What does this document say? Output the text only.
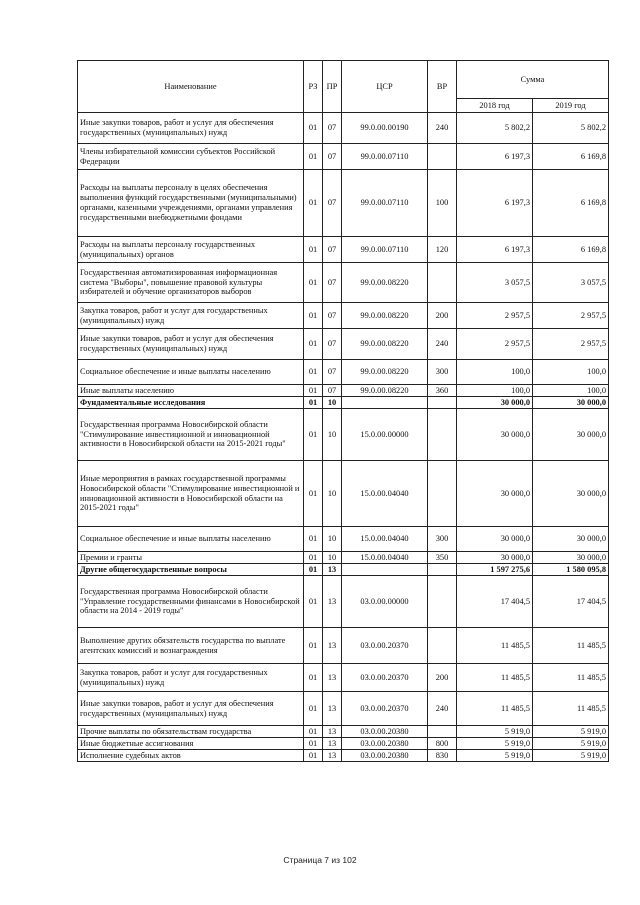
Наименование	РЗ	ПР	ЦСР	ВР	Сумма	
					2018 год	2019 год
Иные закупки товаров, работ и услуг для обеспечения государственных (муниципальных) нужд	01	07	99.0.00.00190	240	5 802,2	5 802,2
Члены избирательной комиссии субъектов Российской Федерации	01	07	99.0.00.07110		6 197,3	6 169,8
Расходы на выплаты персоналу в целях обеспечения выполнения функций государственными (муниципальными) органами, казенными учреждениями, органами управления государственными внебюджетными фондами	01	07	99.0.00.07110	100	6 197,3	6 169,8
Расходы на выплаты персоналу государственных (муниципальных) органов	01	07	99.0.00.07110	120	6 197,3	6 169,8
Государственная автоматизированная информационная система "Выборы", повышение правовой культуры избирателей и обучение организаторов выборов	01	07	99.0.00.08220		3 057,5	3 057,5
Закупка товаров, работ и услуг для государственных (муниципальных) нужд	01	07	99.0.00.08220	200	2 957,5	2 957,5
Иные закупки товаров, работ и услуг для обеспечения государственных (муниципальных) нужд	01	07	99.0.00.08220	240	2 957,5	2 957,5
Социальное обеспечение и иные выплаты населению	01	07	99.0.00.08220	300	100,0	100,0
Иные выплаты населению	01	07	99.0.00.08220	360	100,0	100,0
Фундаментальные исследования	01	10			30 000,0	30 000,0
Государственная программа Новосибирской области "Стимулирование инвестиционной и инновационной активности в Новосибирской области на 2015-2021 годы"	01	10	15.0.00.00000		30 000,0	30 000,0
Иные мероприятия в рамках государственной программы Новосибирской области "Стимулирование инвестиционной и инновационной активности в Новосибирской области на 2015-2021 годы"	01	10	15.0.00.04040		30 000,0	30 000,0
Социальное обеспечение и иные выплаты населению	01	10	15.0.00.04040	300	30 000,0	30 000,0
Премии и гранты	01	10	15.0.00.04040	350	30 000,0	30 000,0
Другие общегосударственные вопросы	01	13			1 597 275,6	1 580 095,8
Государственная программа Новосибирской области "Управление государственными финансами в Новосибирской области на 2014 - 2019 годы"	01	13	03.0.00.00000		17 404,5	17 404,5
Выполнение других обязательств государства по выплате агентских комиссий и вознаграждения	01	13	03.0.00.20370		11 485,5	11 485,5
Закупка товаров, работ и услуг для государственных (муниципальных) нужд	01	13	03.0.00.20370	200	11 485,5	11 485,5
Иные закупки товаров, работ и услуг для обеспечения государственных (муниципальных) нужд	01	13	03.0.00.20370	240	11 485,5	11 485,5
Прочие выплаты по обязательствам государства	01	13	03.0.00.20380		5 919,0	5 919,0
Иные бюджетные ассигнования	01	13	03.0.00.20380	800	5 919,0	5 919,0
Исполнение судебных актов	01	13	03.0.00.20380	830	5 919,0	5 919,0
Страница 7 из 102
